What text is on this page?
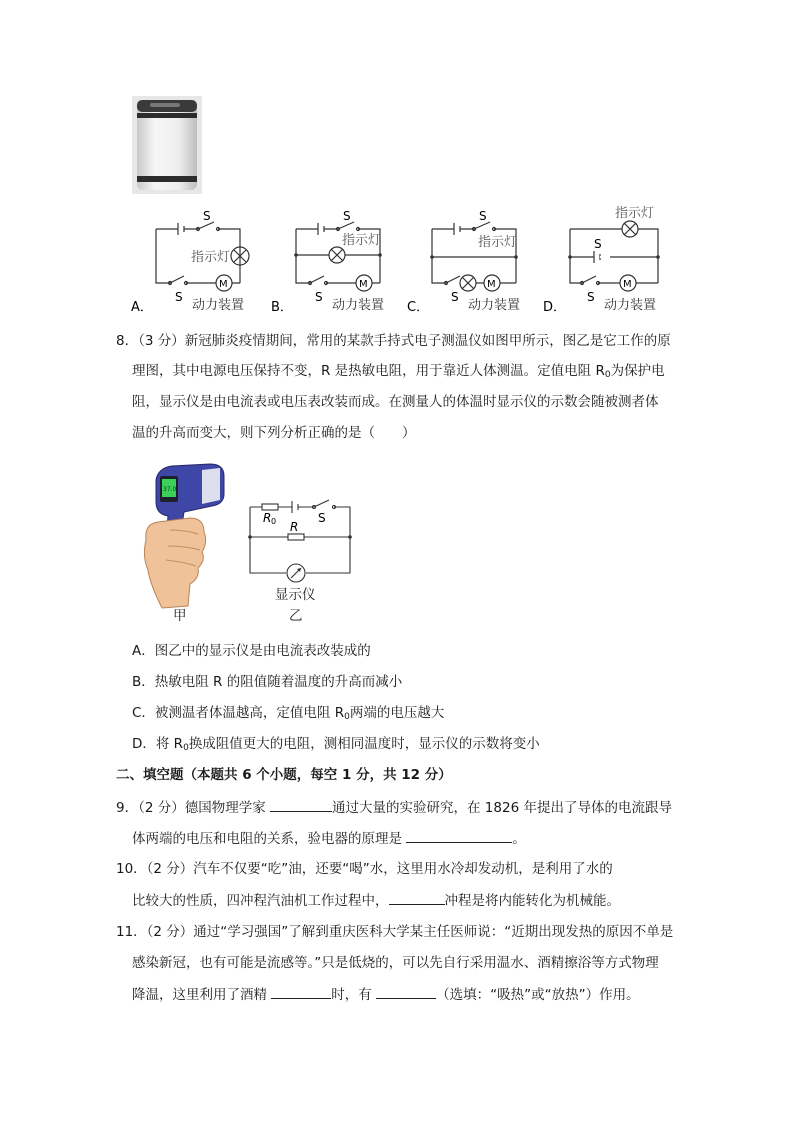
S
S
指示灯
M
动力装置
A．
S
S
指示灯
M
动力装置
B．
S
S
指示灯
M
动力装置
C．
S
S
指示灯
M
动力装置
D．
8．（3 分）新冠肺炎疫情期间，常用的某款手持式电子测温仪如图甲所示，图乙是它工作的原
理图，其中电源电压保持不变，R 是热敏电阻，用于靠近人体测温。定值电阻 $R_0$为保护电
阻，显示仪是由电流表或电压表改装而成。在测量人的体温时显示仪的示数会随被测者体
温的升高而变大，则下列分析正确的是（　　）
37.0
甲
R 0	S
R
显示仪
乙
A．图乙中的显示仪是由电流表改装成的
B．热敏电阻 R 的阻值随着温度的升高而减小
C．被测温者体温越高，定值电阻 $R_0$两端的电压越大
D．将 $R_0$换成阻值更大的电阻，测相同温度时，显示仪的示数将变小
二、填空题（本题共 6 个小题，每空 1 分，共 12 分）
9．（2 分）德国物理学家	通过大量的实验研究，在 1826 年提出了导体的电流跟导
体两端的电压和电阻的关系，验电器的原理是	。
10．（2 分）汽车不仅要“吃”油，还要“喝”水，这里用水冷却发动机，是利用了水的
比较大的性质，四冲程汽油机工作过程中，	冲程是将内能转化为机械能。
11．（2 分）通过“学习强国”了解到重庆医科大学某主任医师说：“近期出现发热的原因不单是
感染新冠，也有可能是流感等。”只是低烧的，可以先自行采用温水、酒精擦浴等方式物理
降温，这里利用了酒精	时，有	（选填：“吸热”或“放热”）作用。
